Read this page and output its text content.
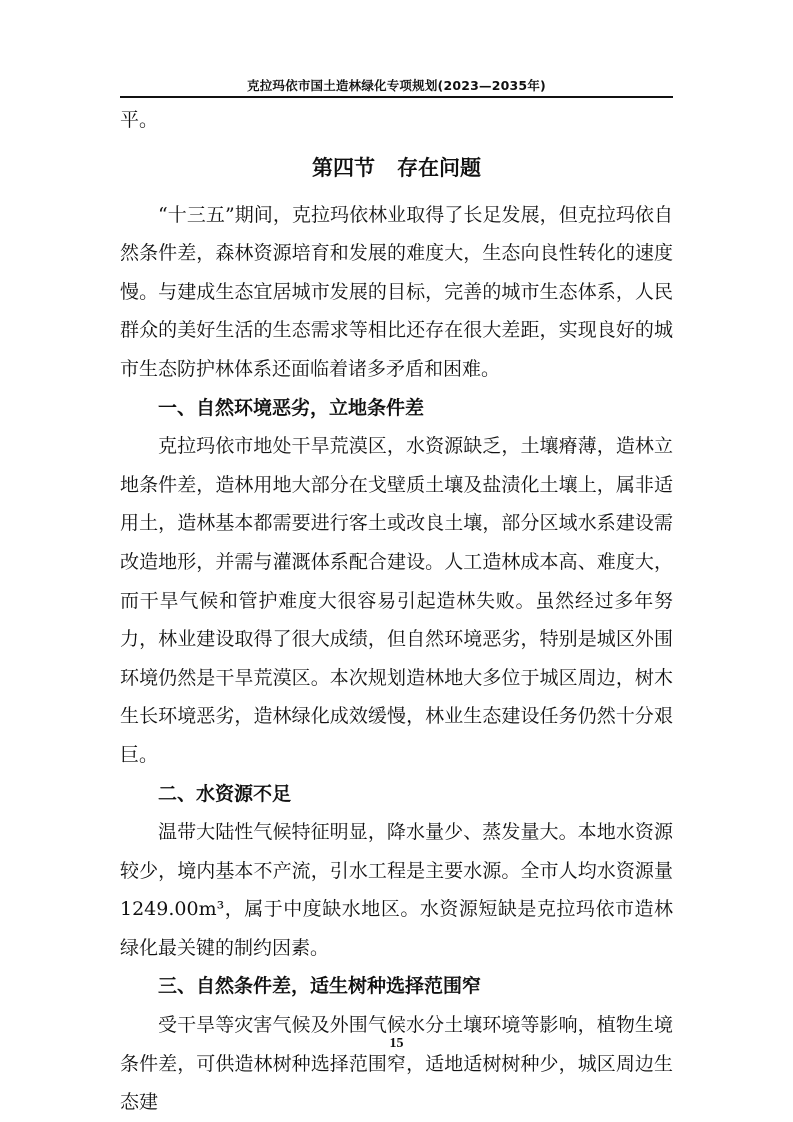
克拉玛依市国土造林绿化专项规划(2023—2035年)

平。

第四节 存在问题

“十三五”期间，克拉玛依林业取得了长足发展，但克拉玛依自然条件差，森林资源培育和发展的难度大，生态向良性转化的速度慢。与建成生态宜居城市发展的目标，完善的城市生态体系，人民群众的美好生活的生态需求等相比还存在很大差距，实现良好的城市生态防护林体系还面临着诸多矛盾和困难。

一、自然环境恶劣，立地条件差

克拉玛依市地处干旱荒漠区，水资源缺乏，土壤瘠薄，造林立地条件差，造林用地大部分在戈壁质土壤及盐渍化土壤上，属非适用土，造林基本都需要进行客土或改良土壤，部分区域水系建设需改造地形，并需与灌溉体系配合建设。人工造林成本高、难度大，而干旱气候和管护难度大很容易引起造林失败。虽然经过多年努力，林业建设取得了很大成绩，但自然环境恶劣，特别是城区外围环境仍然是干旱荒漠区。本次规划造林地大多位于城区周边，树木生长环境恶劣，造林绿化成效缓慢，林业生态建设任务仍然十分艰巨。

二、水资源不足

温带大陆性气候特征明显，降水量少、蒸发量大。本地水资源较少，境内基本不产流，引水工程是主要水源。全市人均水资源量1249.00m³，属于中度缺水地区。水资源短缺是克拉玛依市造林绿化最关键的制约因素。

三、自然条件差，适生树种选择范围窄

受干旱等灾害气候及外围气候水分土壤环境等影响，植物生境条件差，可供造林树种选择范围窄，适地适树树种少，城区周边生态建

15
